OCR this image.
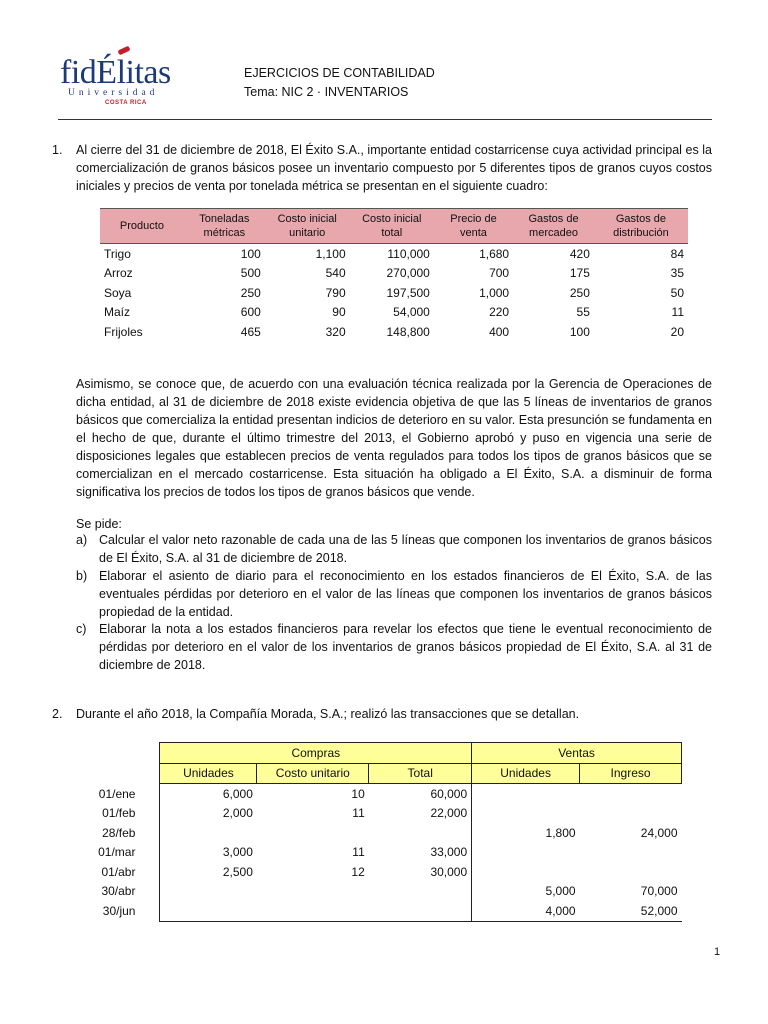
fidÉlitas
Universidad
COSTA RICA
EJERCICIOS DE CONTABILIDAD
Tema: NIC 2 · INVENTARIOS
1. Al cierre del 31 de diciembre de 2018, El Éxito S.A., importante entidad costarricense cuya actividad principal es la comercialización de granos básicos posee un inventario compuesto por 5 diferentes tipos de granos cuyos costos iniciales y precios de venta por tonelada métrica se presentan en el siguiente cuadro:
Producto	Toneladas métricas	Costo inicial unitario	Costo inicial total	Precio de venta	Gastos de mercadeo	Gastos de distribución
Trigo	100	1,100	110,000	1,680	420	84
Arroz	500	540	270,000	700	175	35
Soya	250	790	197,500	1,000	250	50
Maíz	600	90	54,000	220	55	11
Frijoles	465	320	148,800	400	100	20
Asimismo, se conoce que, de acuerdo con una evaluación técnica realizada por la Gerencia de Operaciones de dicha entidad, al 31 de diciembre de 2018 existe evidencia objetiva de que las 5 líneas de inventarios de granos básicos que comercializa la entidad presentan indicios de deterioro en su valor. Esta presunción se fundamenta en el hecho de que, durante el último trimestre del 2013, el Gobierno aprobó y puso en vigencia una serie de disposiciones legales que establecen precios de venta regulados para todos los tipos de granos básicos que se comercializan en el mercado costarricense. Esta situación ha obligado a El Éxito, S.A. a disminuir de forma significativa los precios de todos los tipos de granos básicos que vende.
Se pide:
a) Calcular el valor neto razonable de cada una de las 5 líneas que componen los inventarios de granos básicos de El Éxito, S.A. al 31 de diciembre de 2018.
b) Elaborar el asiento de diario para el reconocimiento en los estados financieros de El Éxito, S.A. de las eventuales pérdidas por deterioro en el valor de las líneas que componen los inventarios de granos básicos propiedad de la entidad.
c) Elaborar la nota a los estados financieros para revelar los efectos que tiene le eventual reconocimiento de pérdidas por deterioro en el valor de los inventarios de granos básicos propiedad de El Éxito, S.A. al 31 de diciembre de 2018.
2. Durante el año 2018, la Compañía Morada, S.A.; realizó las transacciones que se detallan.
	Compras			Ventas	
	Unidades	Costo unitario	Total	Unidades	Ingreso
01/ene	6,000	10	60,000		
01/feb	2,000	11	22,000		
28/feb				1,800	24,000
01/mar	3,000	11	33,000		
01/abr	2,500	12	30,000		
30/abr				5,000	70,000
30/jun				4,000	52,000
1
